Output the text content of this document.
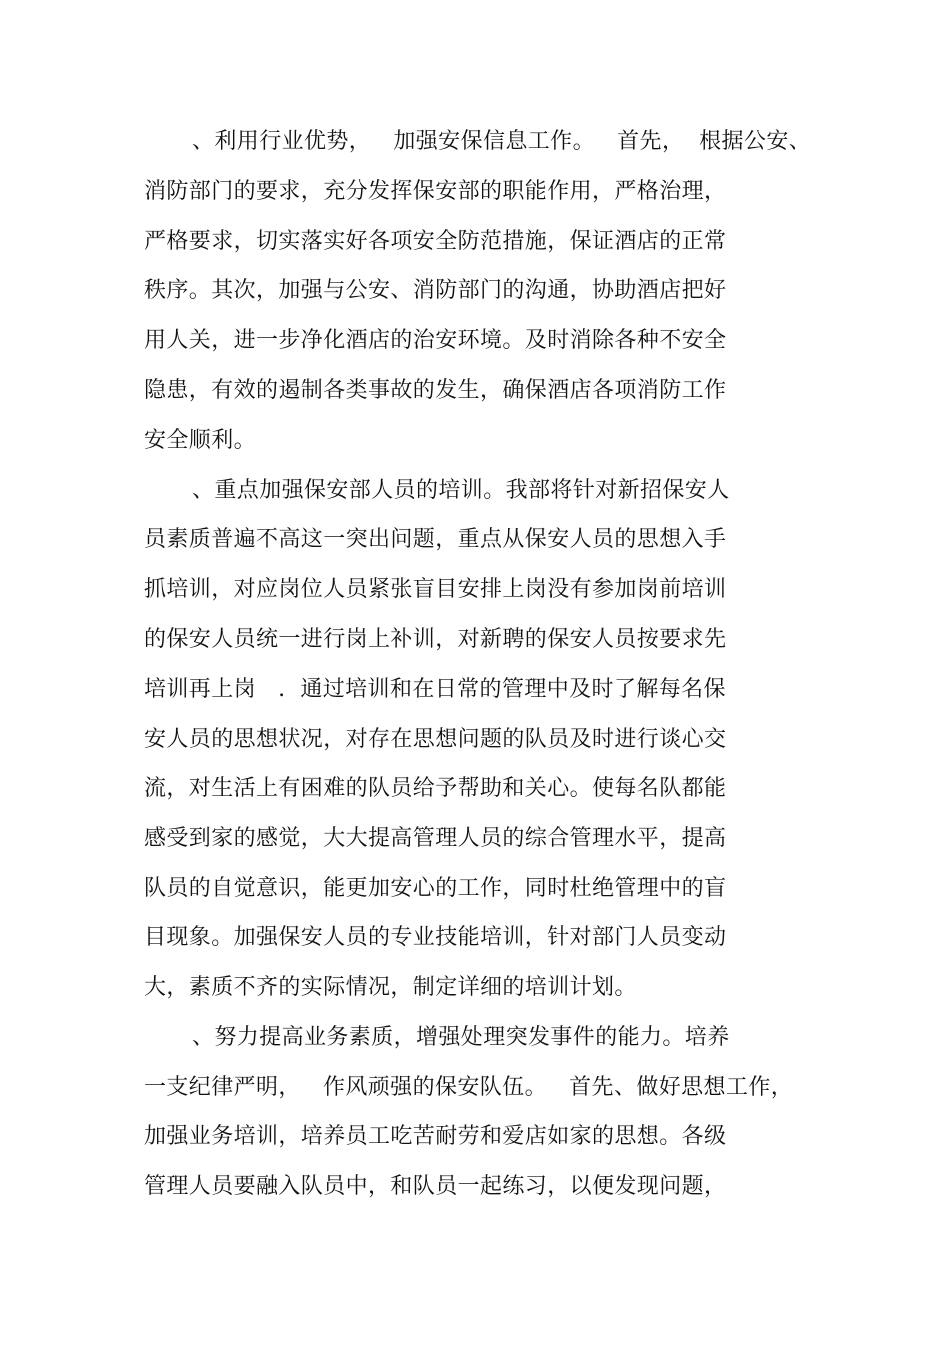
、利用行业优势，   加强安保信息工作。   首先，  根据公安、
消防部门的要求，充分发挥保安部的职能作用，严格治理，
严格要求，切实落实好各项安全防范措施，保证酒店的正常
秩序。其次，加强与公安、消防部门的沟通，协助酒店把好
用人关，进一步净化酒店的治安环境。及时消除各种不安全
隐患，有效的遏制各类事故的发生，确保酒店各项消防工作
安全顺利。
、重点加强保安部人员的培训。我部将针对新招保安人
员素质普遍不高这一突出问题，重点从保安人员的思想入手
抓培训，对应岗位人员紧张盲目安排上岗没有参加岗前培训
的保安人员统一进行岗上补训，对新聘的保安人员按要求先
培训再上岗   .  通过培训和在日常的管理中及时了解每名保
安人员的思想状况，对存在思想问题的队员及时进行谈心交
流，对生活上有困难的队员给予帮助和关心。使每名队都能
感受到家的感觉，大大提高管理人员的综合管理水平，提高
队员的自觉意识，能更加安心的工作，同时杜绝管理中的盲
目现象。加强保安人员的专业技能培训，针对部门人员变动
大，素质不齐的实际情况，制定详细的培训计划。
、努力提高业务素质，增强处理突发事件的能力。培养
一支纪律严明，   作风顽强的保安队伍。   首先、做好思想工作，
加强业务培训，培养员工吃苦耐劳和爱店如家的思想。各级
管理人员要融入队员中，和队员一起练习，以便发现问题，
